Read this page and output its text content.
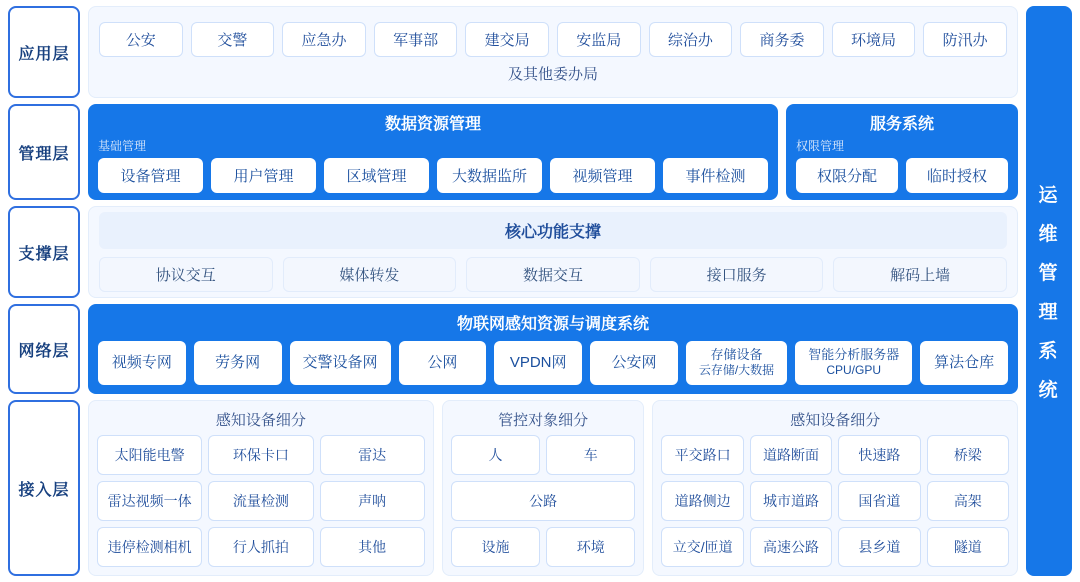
应用层
公安	交警	应急办	军事部	建交局	安监局	综治办	商务委	环境局	防汛办
及其他委办局
管理层
数据资源管理
基础管理
设备管理	用户管理	区域管理	大数据监所	视频管理	事件检测
服务系统
权限管理
权限分配	临时授权
支撑层
核心功能支撑
协议交互	媒体转发	数据交互	接口服务	解码上墙
网络层
物联网感知资源与调度系统
视频专网	劳务网	交警设备网	公网	VPDN网	公安网	存储设备
云存储/大数据
智能分析服务器
CPU/GPU	算法仓库
接入层
感知设备细分
太阳能电警	环保卡口	雷达
雷达视频一体	流量检测	声呐
违停检测相机	行人抓拍	其他
管控对象细分
人	车
公路
设施	环境
感知设备细分
平交路口	道路断面	快速路	桥梁
道路侧边	城市道路	国省道	高架
立交/匝道	高速公路	县乡道	隧道
运
维
管
理
系
统
